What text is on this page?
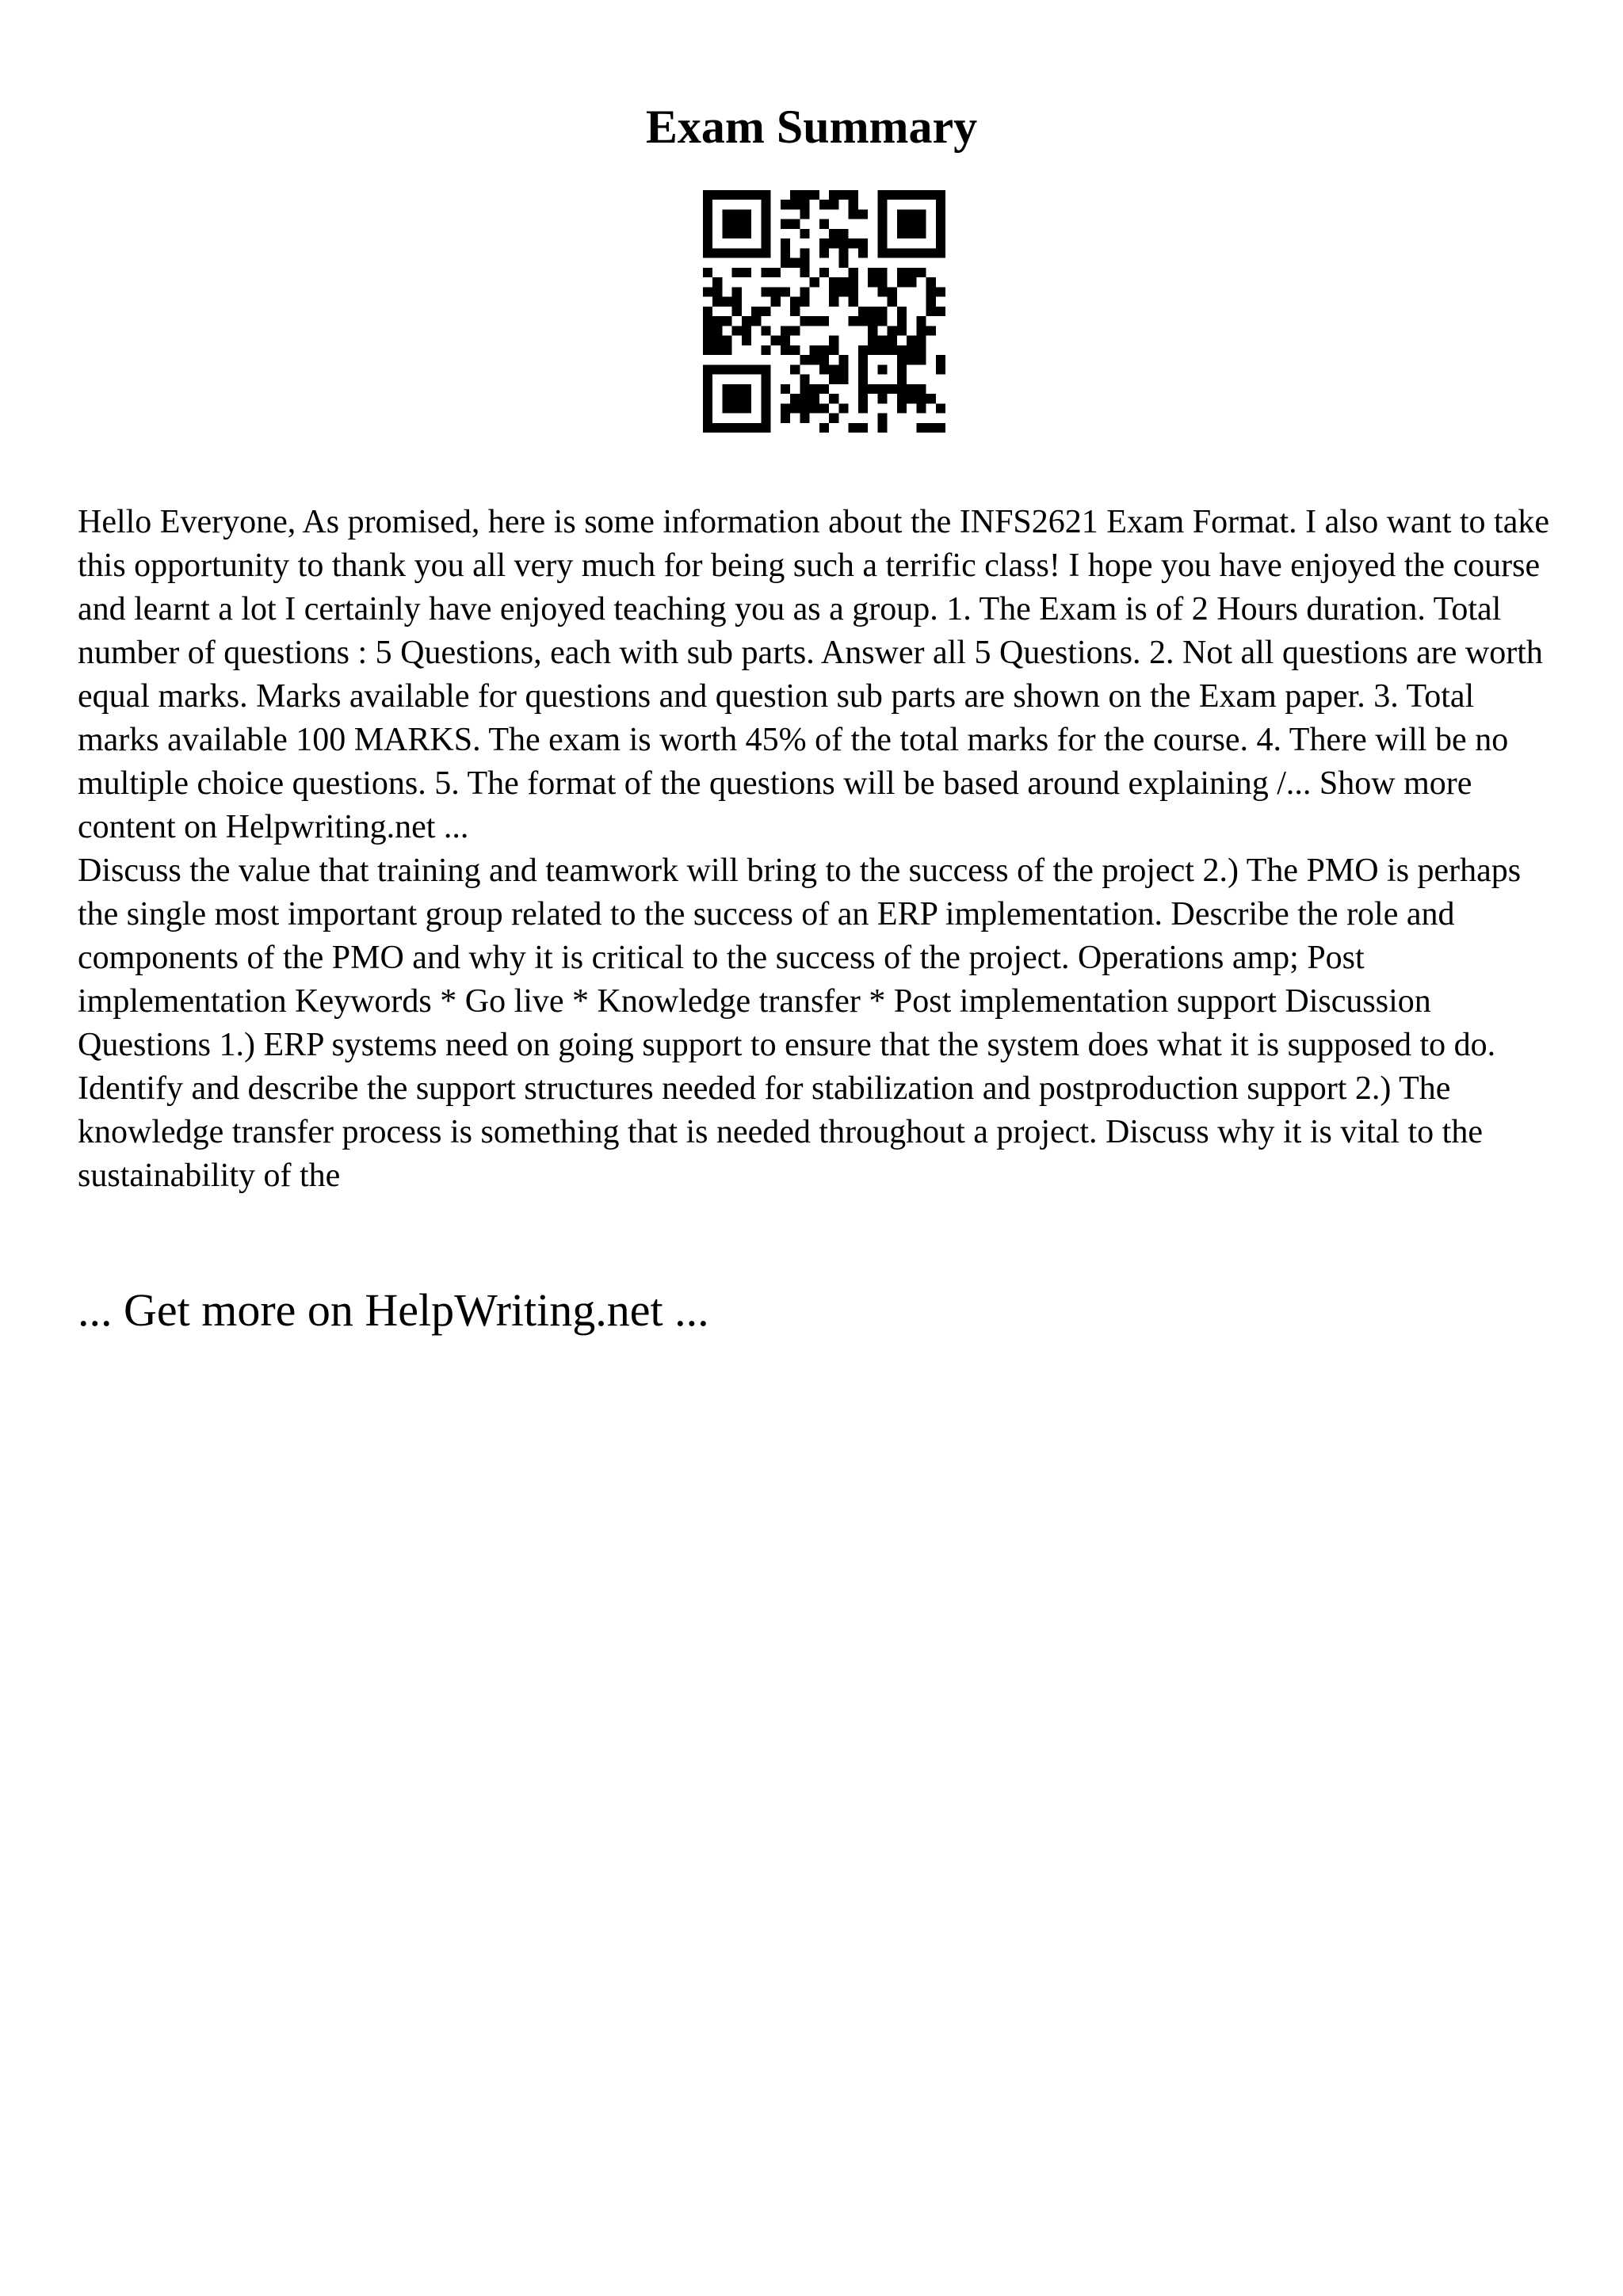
Exam Summary

Hello Everyone, As promised, here is some information about the INFS2621 Exam Format. I also want to take this opportunity to thank you all very much for being such a terrific class! I hope you have enjoyed the course and learnt a lot I certainly have enjoyed teaching you as a group. 1. The Exam is of 2 Hours duration. Total number of questions : 5 Questions, each with sub parts. Answer all 5 Questions. 2. Not all questions are worth equal marks. Marks available for questions and question sub parts are shown on the Exam paper. 3. Total marks available 100 MARKS. The exam is worth 45% of the total marks for the course. 4. There will be no multiple choice questions. 5. The format of the questions will be based around explaining /... Show more content on Helpwriting.net ...

Discuss the value that training and teamwork will bring to the success of the project 2.) The PMO is perhaps the single most important group related to the success of an ERP implementation. Describe the role and components of the PMO and why it is critical to the success of the project. Operations amp; Post implementation Keywords * Go live * Knowledge transfer * Post implementation support Discussion Questions 1.) ERP systems need on going support to ensure that the system does what it is supposed to do. Identify and describe the support structures needed for stabilization and postproduction support 2.) The knowledge transfer process is something that is needed throughout a project. Discuss why it is vital to the sustainability of the

... Get more on HelpWriting.net ...
